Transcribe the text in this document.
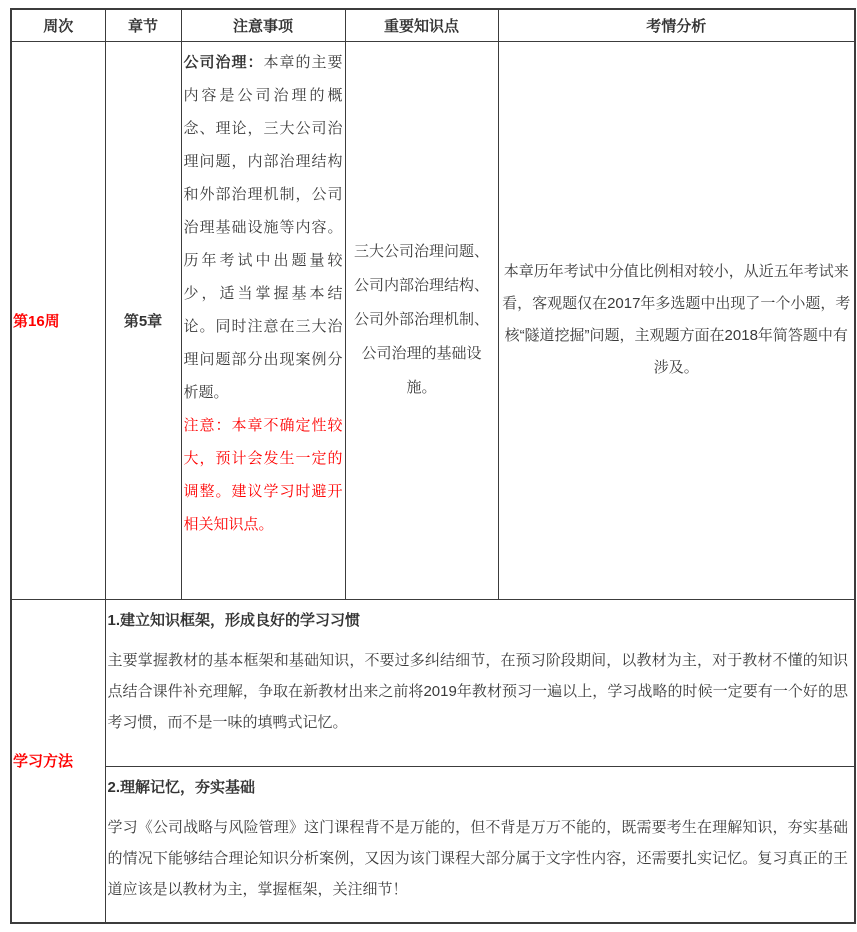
周次	章节	注意事项	重要知识点	考情分析
第16周	第5章	公司治理：本章的主要内容是公司治理的概念、理论，三大公司治理问题，内部治理结构和外部治理机制，公司治理基础设施等内容。历年考试中出题量较少，适当掌握基本结论。同时注意在三大治理问题部分出现案例分析题。

注意：本章不确定性较大，预计会发生一定的调整。建议学习时避开相关知识点。	三大公司治理问题、公司内部治理结构、公司外部治理机制、公司治理的基础设施。	本章历年考试中分值比例相对较小，从近五年考试来看，客观题仅在2017年多选题中出现了一个小题，考核“隧道挖掘”问题，主观题方面在2018年简答题中有涉及。
学习方法	1.建立知识框架，形成良好的学习习惯

主要掌握教材的基本框架和基础知识，不要过多纠结细节，在预习阶段期间，以教材为主，对于教材不懂的知识点结合课件补充理解，争取在新教材出来之前将2019年教材预习一遍以上，学习战略的时候一定要有一个好的思考习惯，而不是一味的填鸭式记忆。			

	2.理解记忆，夯实基础

学习《公司战略与风险管理》这门课程背不是万能的，但不背是万万不能的，既需要考生在理解知识，夯实基础的情况下能够结合理论知识分析案例，又因为该门课程大部分属于文字性内容，还需要扎实记忆。复习真正的王道应该是以教材为主，掌握框架，关注细节！			
